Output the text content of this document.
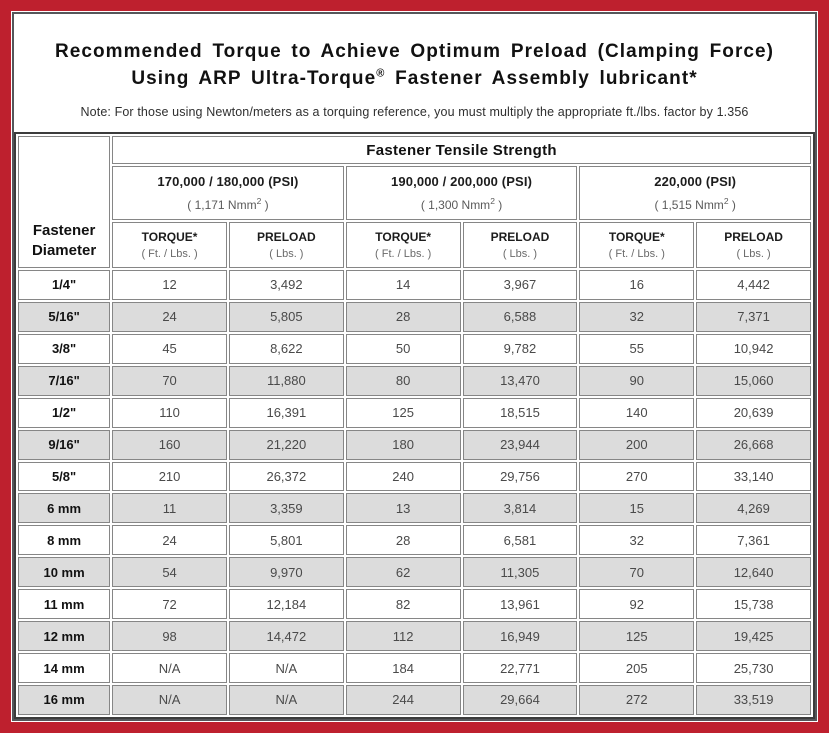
Recommended Torque to Achieve Optimum Preload (Clamping Force)
Using ARP Ultra-Torque® Fastener Assembly lubricant*
Note: For those using Newton/meters as a torquing reference, you must multiply the appropriate ft./lbs. factor by 1.356
Fastener
Diameter	Fastener Tensile Strength					

170,000 / 180,000 (PSI)
( 1,171 Nmm$^2$ )

190,000 / 200,000 (PSI)
( 1,300 Nmm$^2$ )

220,000 (PSI)
( 1,515 Nmm$^2$ )

TORQUE*
( Ft. / Lbs. )

PRELOAD
( Lbs. )

TORQUE*
( Ft. / Lbs. )

PRELOAD
( Lbs. )

TORQUE*
( Ft. / Lbs. )

PRELOAD
( Lbs. )

1/4"	12	3,492	14	3,967	16	4,442
5/16"	24	5,805	28	6,588	32	7,371
3/8"	45	8,622	50	9,782	55	10,942
7/16"	70	11,880	80	13,470	90	15,060
1/2"	110	16,391	125	18,515	140	20,639
9/16"	160	21,220	180	23,944	200	26,668
5/8"	210	26,372	240	29,756	270	33,140
6 mm	11	3,359	13	3,814	15	4,269
8 mm	24	5,801	28	6,581	32	7,361
10 mm	54	9,970	62	11,305	70	12,640
11 mm	72	12,184	82	13,961	92	15,738
12 mm	98	14,472	112	16,949	125	19,425
14 mm	N/A	N/A	184	22,771	205	25,730
16 mm	N/A	N/A	244	29,664	272	33,519
